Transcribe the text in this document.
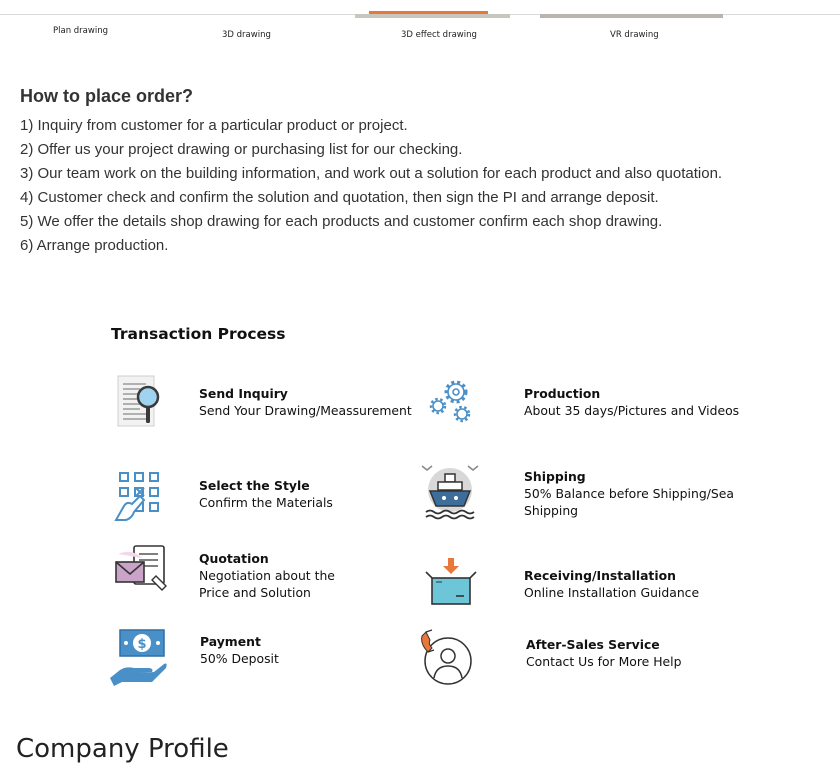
Plan drawing	3D drawing	3D effect drawing	VR drawing
How to place order?

1) Inquiry from customer for a particular product or project.

2) Offer us your project drawing or purchasing list for our checking.

3) Our team work on the building information, and work out a solution for each product and also quotation.

4) Customer check and confirm the solution and quotation, then sign the PI and arrange deposit.

5) We offer the details shop drawing for each products and customer confirm each shop drawing.

6) Arrange production.

Transaction Process
Send Inquiry
Send Your Drawing/Meassurement
Production
About 35 days/Pictures and Videos
Select the Style
Confirm the Materials
Shipping
50% Balance before Shipping/Sea Shipping
Quotation
Negotiation about the Price and Solution
Receiving/Installation
Online Installation Guidance
$	Payment
50% Deposit
After-Sales Service
Contact Us for More Help
Company Profile
